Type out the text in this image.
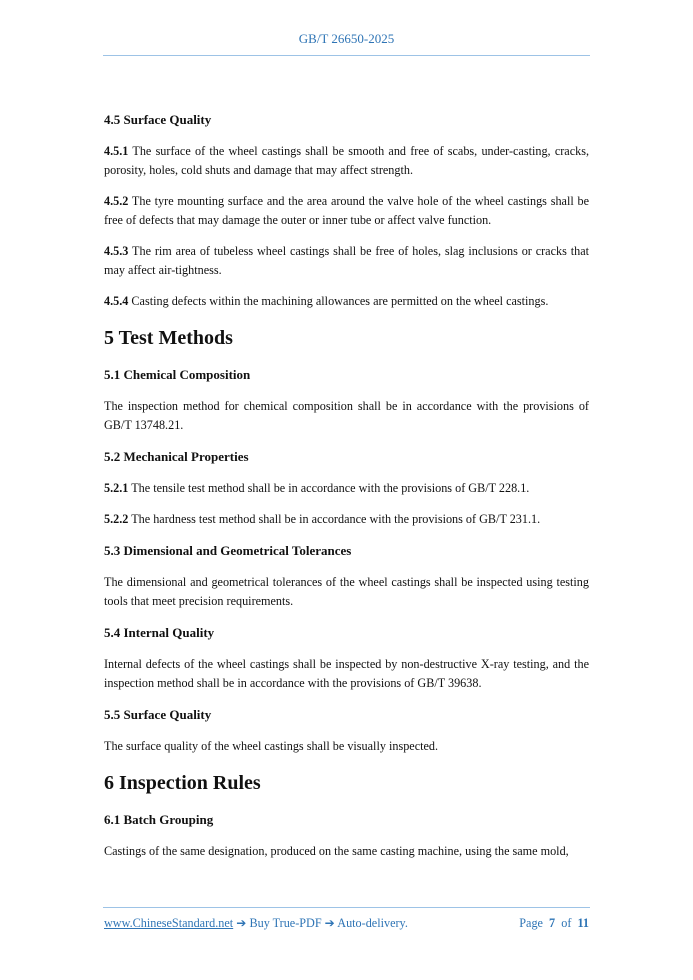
GB/T 26650-2025
4.5 Surface Quality

4.5.1 The surface of the wheel castings shall be smooth and free of scabs, under-casting, cracks, porosity, holes, cold shuts and damage that may affect strength.

4.5.2 The tyre mounting surface and the area around the valve hole of the wheel castings shall be free of defects that may damage the outer or inner tube or affect valve function.

4.5.3 The rim area of tubeless wheel castings shall be free of holes, slag inclusions or cracks that may affect air-tightness.

4.5.4 Casting defects within the machining allowances are permitted on the wheel castings.

5 Test Methods
5.1 Chemical Composition

The inspection method for chemical composition shall be in accordance with the provisions of GB/T 13748.21.

5.2 Mechanical Properties

5.2.1 The tensile test method shall be in accordance with the provisions of GB/T 228.1.

5.2.2 The hardness test method shall be in accordance with the provisions of GB/T 231.1.

5.3 Dimensional and Geometrical Tolerances

The dimensional and geometrical tolerances of the wheel castings shall be inspected using testing tools that meet precision requirements.

5.4 Internal Quality

Internal defects of the wheel castings shall be inspected by non-destructive X-ray testing, and the inspection method shall be in accordance with the provisions of GB/T 39638.

5.5 Surface Quality

The surface quality of the wheel castings shall be visually inspected.

6 Inspection Rules
6.1 Batch Grouping

Castings of the same designation, produced on the same casting machine, using the same mold,

www.ChineseStandard.net ➔ Buy True-PDF ➔ Auto-delivery.	Page 7 of 11
